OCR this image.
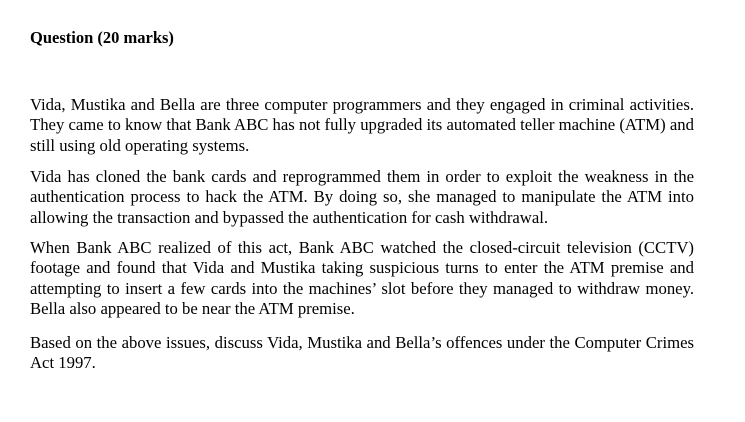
Question (20 marks)

Vida, Mustika and Bella are three computer programmers and they engaged in criminal activities. They came to know that Bank ABC has not fully upgraded its automated teller machine (ATM) and still using old operating systems.

Vida has cloned the bank cards and reprogrammed them in order to exploit the weakness in the authentication process to hack the ATM. By doing so, she managed to manipulate the ATM into allowing the transaction and bypassed the authentication for cash withdrawal.

When Bank ABC realized of this act, Bank ABC watched the closed-circuit television (CCTV) footage and found that Vida and Mustika taking suspicious turns to enter the ATM premise and attempting to insert a few cards into the machines’ slot before they managed to withdraw money. Bella also appeared to be near the ATM premise.

Based on the above issues, discuss Vida, Mustika and Bella’s offences under the Computer Crimes Act 1997.
